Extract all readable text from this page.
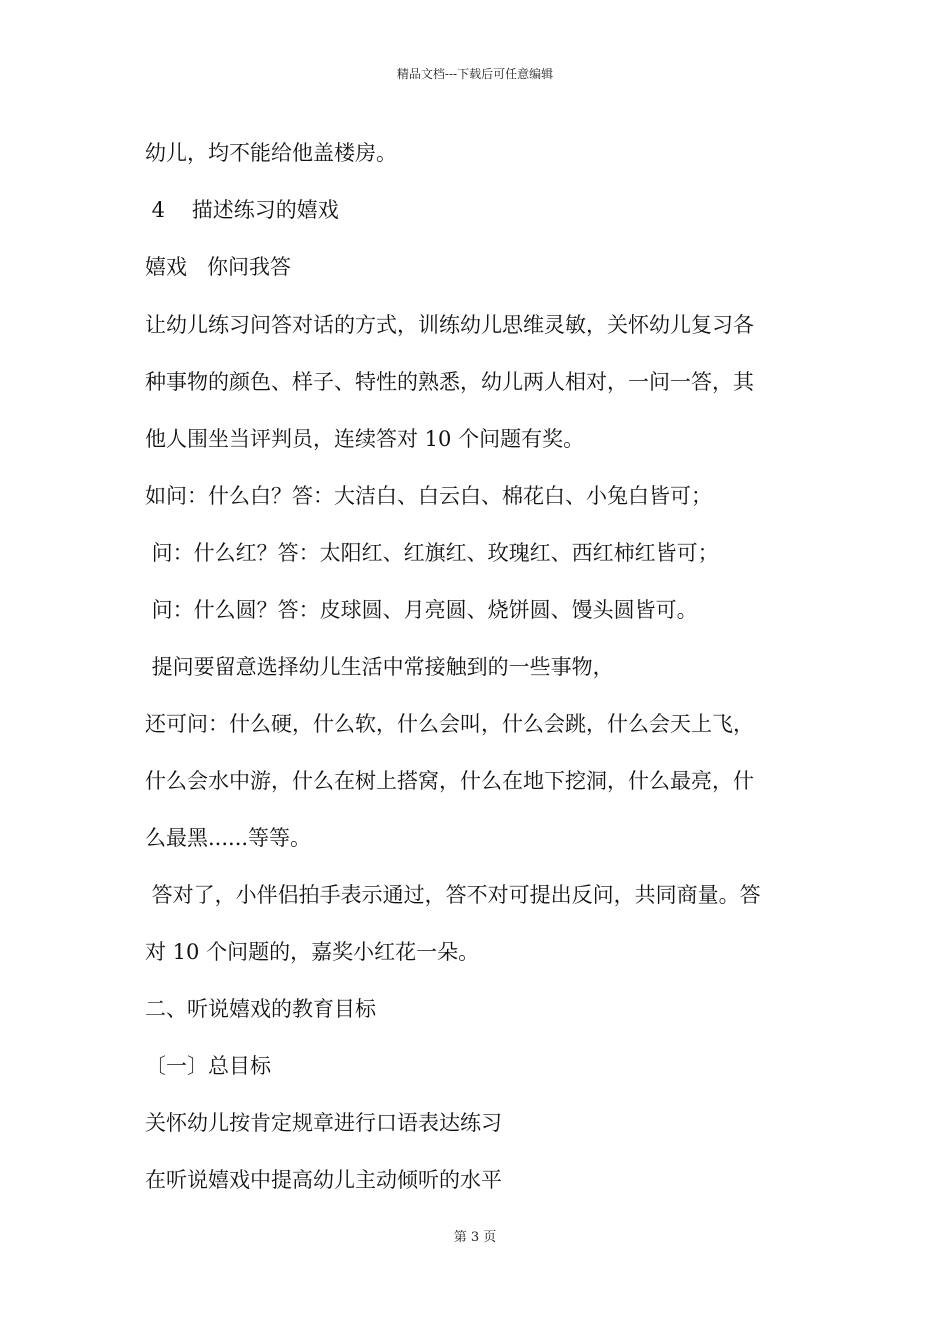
精品文档---下载后可任意编辑
幼儿，均不能给他盖楼房。
4    描述练习的嬉戏
嬉戏   你问我答
让幼儿练习问答对话的方式，训练幼儿思维灵敏，关怀幼儿复习各
种事物的颜色、样子、特性的熟悉，幼儿两人相对，一问一答，其
他人围坐当评判员，连续答对 10 个问题有奖。
如问：什么白？答：大洁白、白云白、棉花白、小兔白皆可；
问：什么红？答：太阳红、红旗红、玫瑰红、西红柿红皆可；
问：什么圆？答：皮球圆、月亮圆、烧饼圆、馒头圆皆可。
提问要留意选择幼儿生活中常接触到的一些事物，
还可问：什么硬，什么软，什么会叫，什么会跳，什么会天上飞，
什么会水中游，什么在树上搭窝，什么在地下挖洞，什么最亮，什
么最黑......等等。
答对了，小伴侣拍手表示通过，答不对可提出反问，共同商量。答
对 10 个问题的，嘉奖小红花一朵。
二、听说嬉戏的教育目标
〔一〕总目标
关怀幼儿按肯定规章进行口语表达练习
在听说嬉戏中提高幼儿主动倾听的水平
第 3 页
